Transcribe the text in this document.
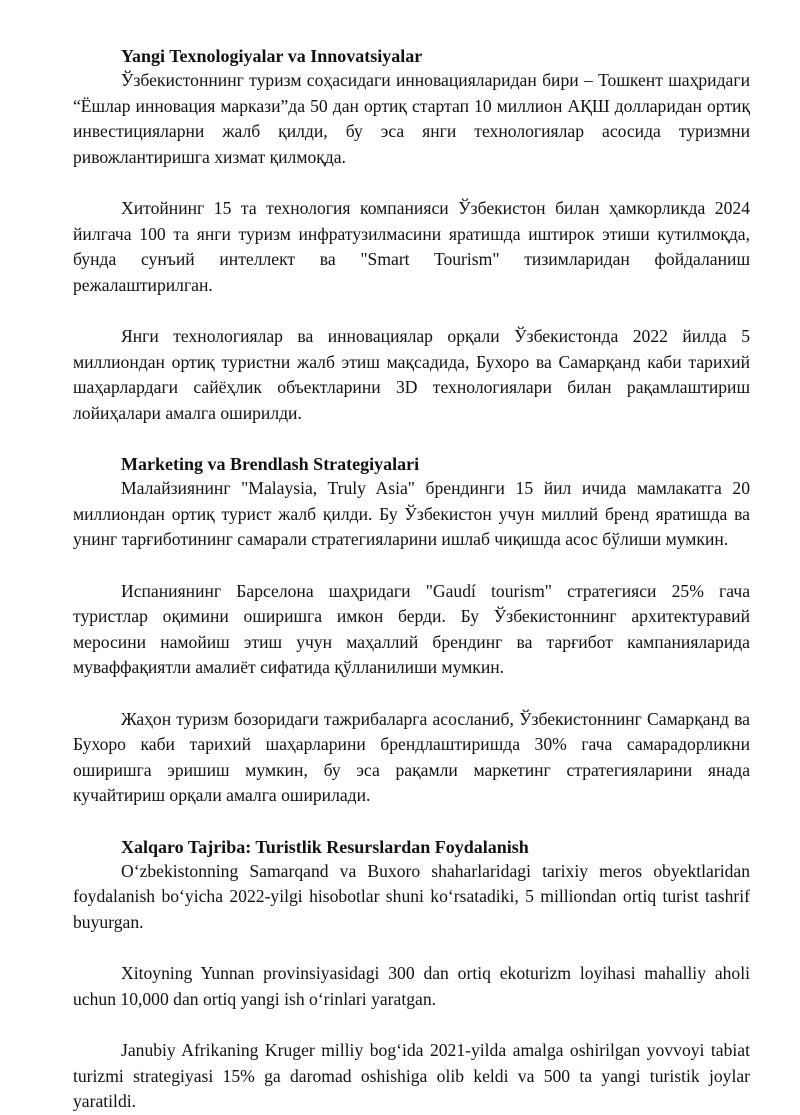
Yangi Texnologiyalar va Innovatsiyalar

Ўзбекистоннинг туризм соҳасидаги инновацияларидан бири – Тошкент шаҳридаги “Ёшлар инновация маркази”да 50 дан ортиқ стартап 10 миллион АҚШ долларидан ортиқ инвестицияларни жалб қилди, бу эса янги технологиялар асосида туризмни ривожлантиришга хизмат қилмоқда.

Хитойнинг 15 та технология компанияси Ўзбекистон билан ҳамкорликда 2024 йилгача 100 та янги туризм инфратузилмасини яратишда иштирок этиши кутилмоқда, бунда сунъий интеллект ва "Smart Tourism" тизимларидан фойдаланиш режалаштирилган.

Янги технологиялар ва инновациялар орқали Ўзбекистонда 2022 йилда 5 миллиондан ортиқ туристни жалб этиш мақсадида, Бухоро ва Самарқанд каби тарихий шаҳарлардаги сайёҳлик объектларини 3D технологиялари билан рақамлаштириш лойиҳалари амалга оширилди.

Marketing va Brendlash Strategiyalari

Малайзиянинг "Malaysia, Truly Asia" брендинги 15 йил ичида мамлакатга 20 миллиондан ортиқ турист жалб қилди. Бу Ўзбекистон учун миллий бренд яратишда ва унинг тарғиботининг самарали стратегияларини ишлаб чиқишда асос бўлиши мумкин.

Испаниянинг Барселона шаҳридаги "Gaudí tourism" стратегияси 25% гача туристлар оқимини оширишга имкон берди. Бу Ўзбекистоннинг архитектуравий меросини намойиш этиш учун маҳаллий брендинг ва тарғибот кампанияларида муваффақиятли амалиёт сифатида қўлланилиши мумкин.

Жаҳон туризм бозоридаги тажрибаларга асосланиб, Ўзбекистоннинг Самарқанд ва Бухоро каби тарихий шаҳарларини брендлаштиришда 30% гача самарадорликни оширишга эришиш мумкин, бу эса рақамли маркетинг стратегияларини янада кучайтириш орқали амалга оширилади.

Xalqaro Tajriba: Turistlik Resurslardan Foydalanish

O‘zbekistonning Samarqand va Buxoro shaharlaridagi tarixiy meros obyektlaridan foydalanish bo‘yicha 2022-yilgi hisobotlar shuni ko‘rsatadiki, 5 milliondan ortiq turist tashrif buyurgan.

Xitoyning Yunnan provinsiyasidagi 300 dan ortiq ekoturizm loyihasi mahalliy aholi uchun 10,000 dan ortiq yangi ish o‘rinlari yaratgan.

Janubiy Afrikaning Kruger milliy bog‘ida 2021-yilda amalga oshirilgan yovvoyi tabiat turizmi strategiyasi 15% ga daromad oshishiga olib keldi va 500 ta yangi turistik joylar yaratildi.
